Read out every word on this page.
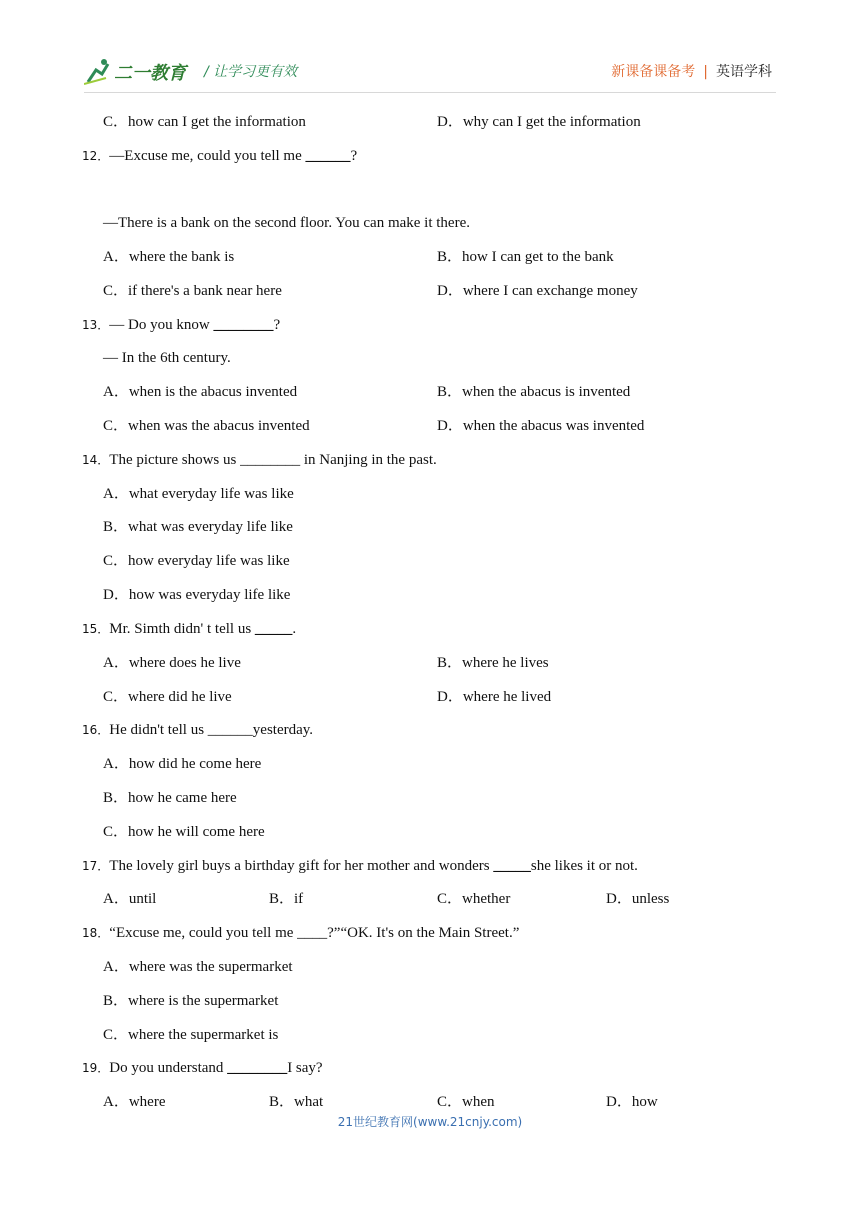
二一教育 / 让学习更有效	新课备课备考 | 英语学科
C．how can I get the information	D．why can I get the information
12．—Excuse me, could you tell me ______?
—There is a bank on the second floor. You can make it there.
A．where the bank is	B．how I can get to the bank
C．if there's a bank near here	D．where I can exchange money
13．— Do you know ________?
— In the 6th century.
A．when is the abacus invented	B．when the abacus is invented
C．when was the abacus invented	D．when the abacus was invented
14．The picture shows us ________ in Nanjing in the past.
A．what everyday life was like
B．what was everyday life like
C．how everyday life was like
D．how was everyday life like
15．Mr. Simth didn' t tell us _____.
A．where does he live	B．where he lives
C．where did he live	D．where he lived
16．He didn't tell us ______yesterday.
A．how did he come here
B．how he came here
C．how he will come here
17．The lovely girl buys a birthday gift for her mother and wonders _____she likes it or not.
A．until	B．if	C．whether	D．unless
18．“Excuse me, could you tell me ____?”“OK. It's on the Main Street.”
A．where was the supermarket
B．where is the supermarket
C．where the supermarket is
19．Do you understand ________I say?
A．where	B．what	C．when	D．how
21世纪教育网(www.21cnjy.com)
